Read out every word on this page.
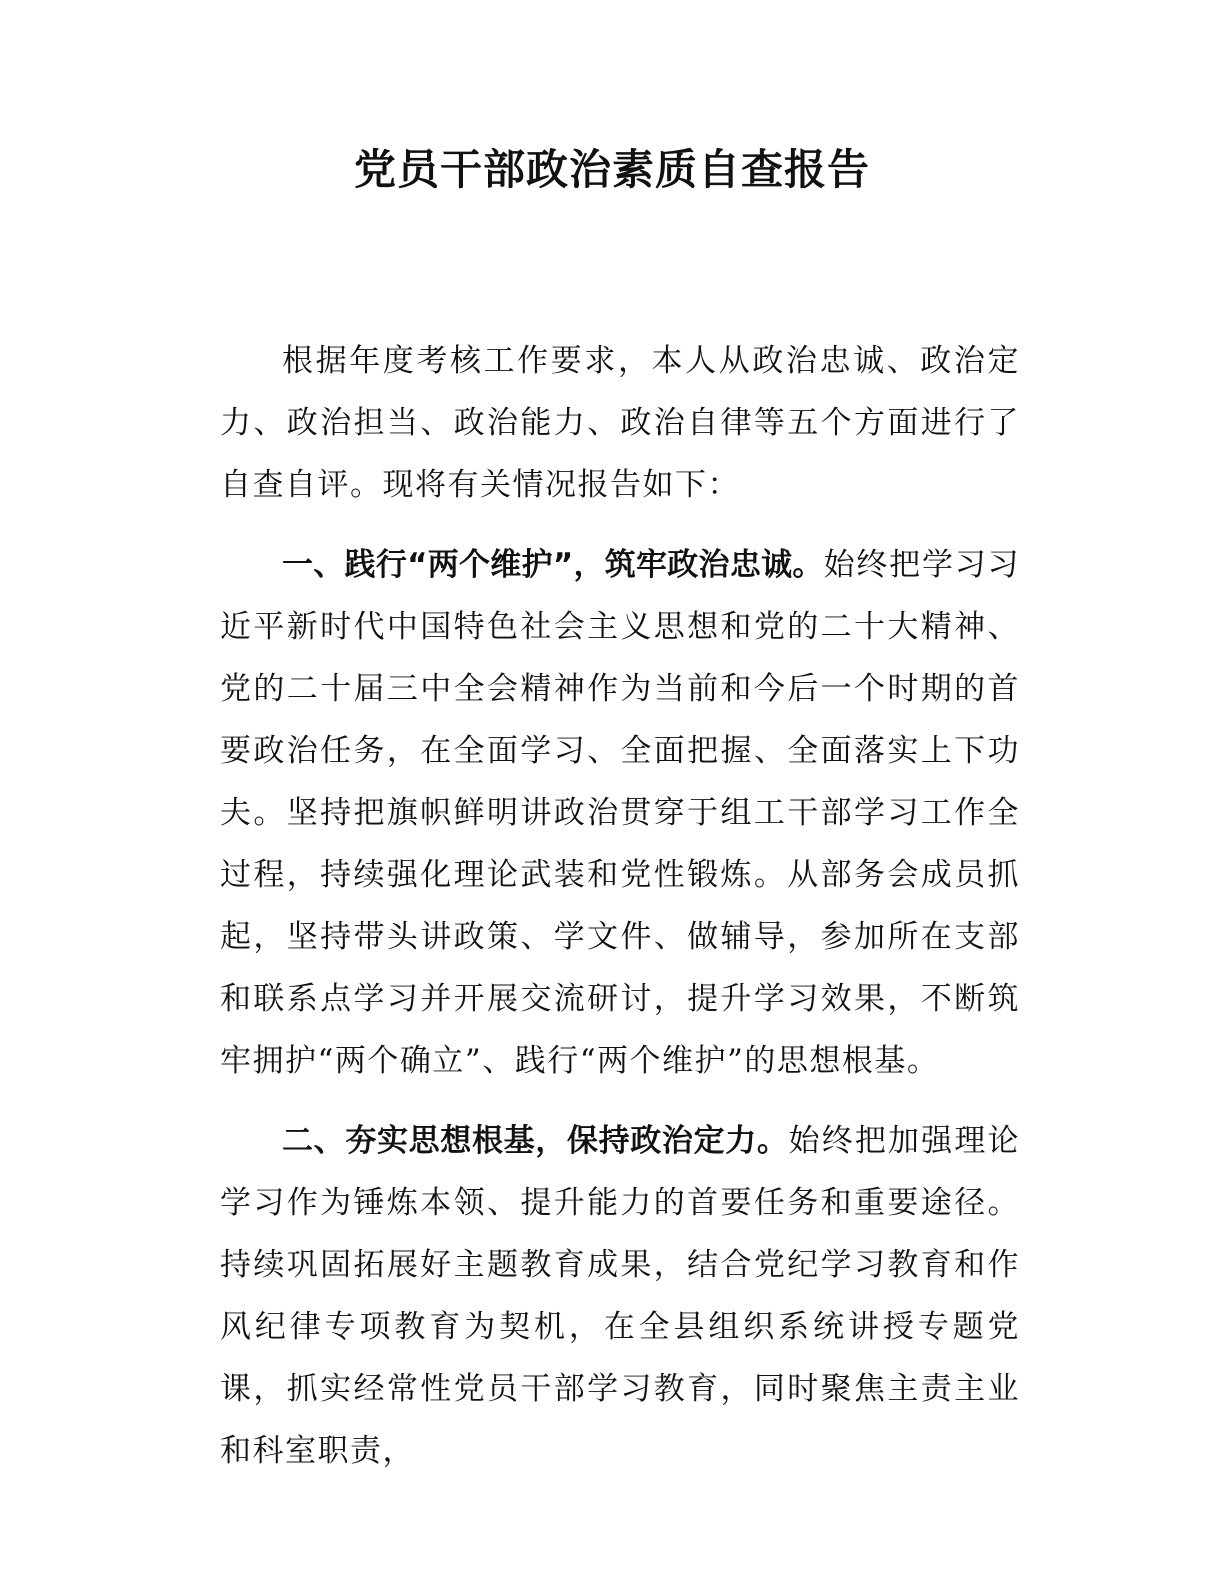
党员干部政治素质自查报告

根据年度考核工作要求，本人从政治忠诚、政治定力、政治担当、政治能力、政治自律等五个方面进行了自查自评。现将有关情况报告如下：

一、践行“两个维护”，筑牢政治忠诚。始终把学习习近平新时代中国特色社会主义思想和党的二十大精神、党的二十届三中全会精神作为当前和今后一个时期的首要政治任务，在全面学习、全面把握、全面落实上下功夫。坚持把旗帜鲜明讲政治贯穿于组工干部学习工作全过程，持续强化理论武装和党性锻炼。从部务会成员抓起，坚持带头讲政策、学文件、做辅导，参加所在支部和联系点学习并开展交流研讨，提升学习效果，不断筑牢拥护“两个确立”、践行“两个维护”的思想根基。

二、夯实思想根基，保持政治定力。始终把加强理论学习作为锤炼本领、提升能力的首要任务和重要途径。持续巩固拓展好主题教育成果，结合党纪学习教育和作风纪律专项教育为契机，在全县组织系统讲授专题党课，抓实经常性党员干部学习教育，同时聚焦主责主业和科室职责，
